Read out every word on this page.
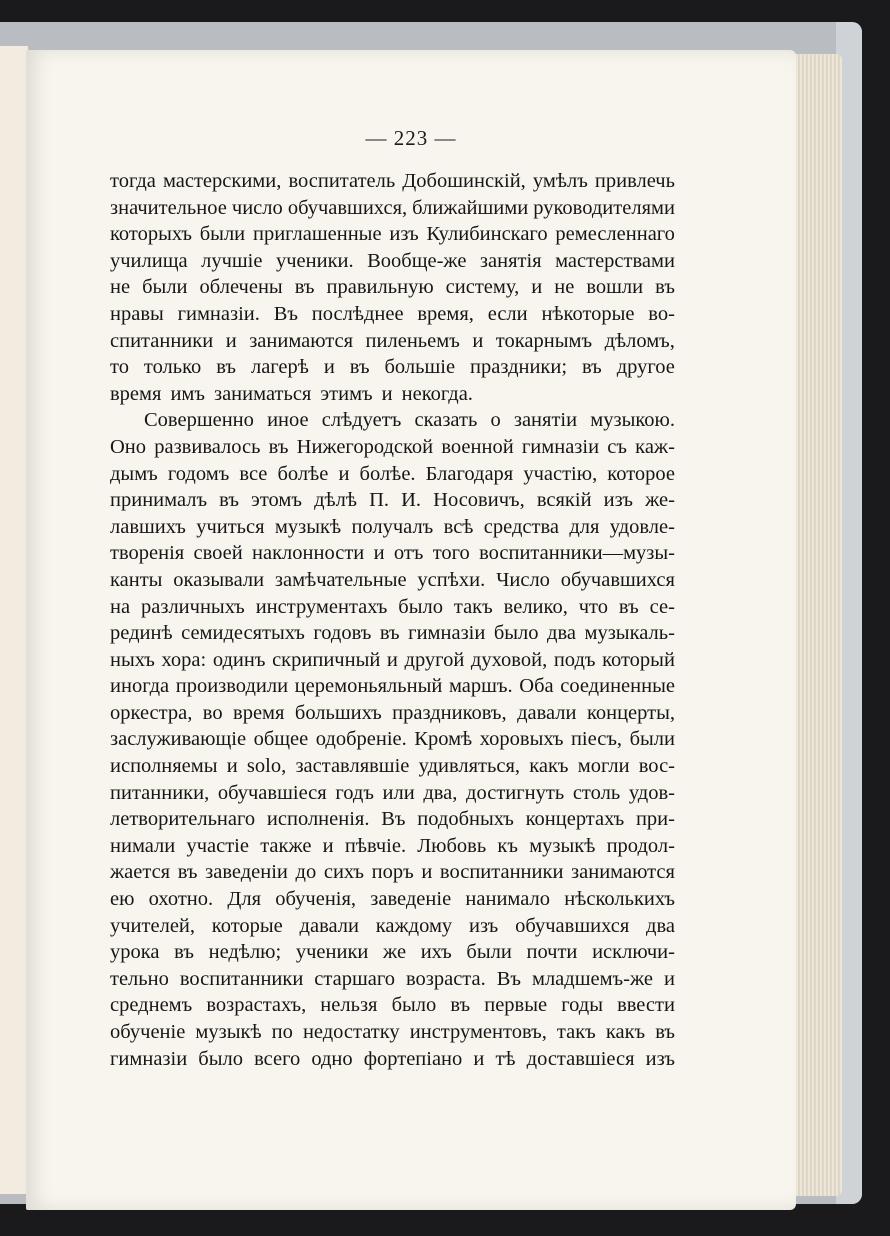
— 223 —
тогда мастерскими, воспитатель Добошинскій, умѣлъ привлечь
значительное число обучавшихся, ближайшими руководителями
которыхъ были приглашенные изъ Кулибинскаго ремесленнаго
училища лучшіе ученики. Вообще-же занятія мастерствами
не были облечены въ правильную систему, и не вошли въ
нравы гимназіи. Въ послѣднее время, если нѣкоторые во-
спитанники и занимаются пиленьемъ и токарнымъ дѣломъ,
то только въ лагерѣ и въ большіе праздники; въ другое
время имъ заниматься этимъ и некогда.
Совершенно иное слѣдуетъ сказать о занятіи музыкою.
Оно развивалось въ Нижегородской военной гимназіи съ каж-
дымъ годомъ все болѣе и болѣе. Благодаря участію, которое
принималъ въ этомъ дѣлѣ П. И. Носовичъ, всякій изъ же-
лавшихъ учиться музыкѣ получалъ всѣ средства для удовле-
творенія своей наклонности и отъ того воспитанники—музы-
канты оказывали замѣчательные успѣхи. Число обучавшихся
на различныхъ инструментахъ было такъ велико, что въ се-
рединѣ семидесятыхъ годовъ въ гимназіи было два музыкаль-
ныхъ хора: одинъ скрипичный и другой духовой, подъ который
иногда производили церемоньяльный маршъ. Оба соединенные
оркестра, во время большихъ праздниковъ, давали концерты,
заслуживающіе общее одобреніе. Кромѣ хоровыхъ піесъ, были
исполняемы и solo, заставлявшіе удивляться, какъ могли вос-
питанники, обучавшіеся годъ или два, достигнуть столь удов-
летворительнаго исполненія. Въ подобныхъ концертахъ при-
нимали участіе также и пѣвчіе. Любовь къ музыкѣ продол-
жается въ заведеніи до сихъ поръ и воспитанники занимаются
ею охотно. Для обученія, заведеніе нанимало нѣсколькихъ
учителей, которые давали каждому изъ обучавшихся два
урока въ недѣлю; ученики же ихъ были почти исключи-
тельно воспитанники старшаго возраста. Въ младшемъ-же и
среднемъ возрастахъ, нельзя было въ первые годы ввести
обученіе музыкѣ по недостатку инструментовъ, такъ какъ въ
гимназіи было всего одно фортепіано и тѣ доставшіеся изъ
